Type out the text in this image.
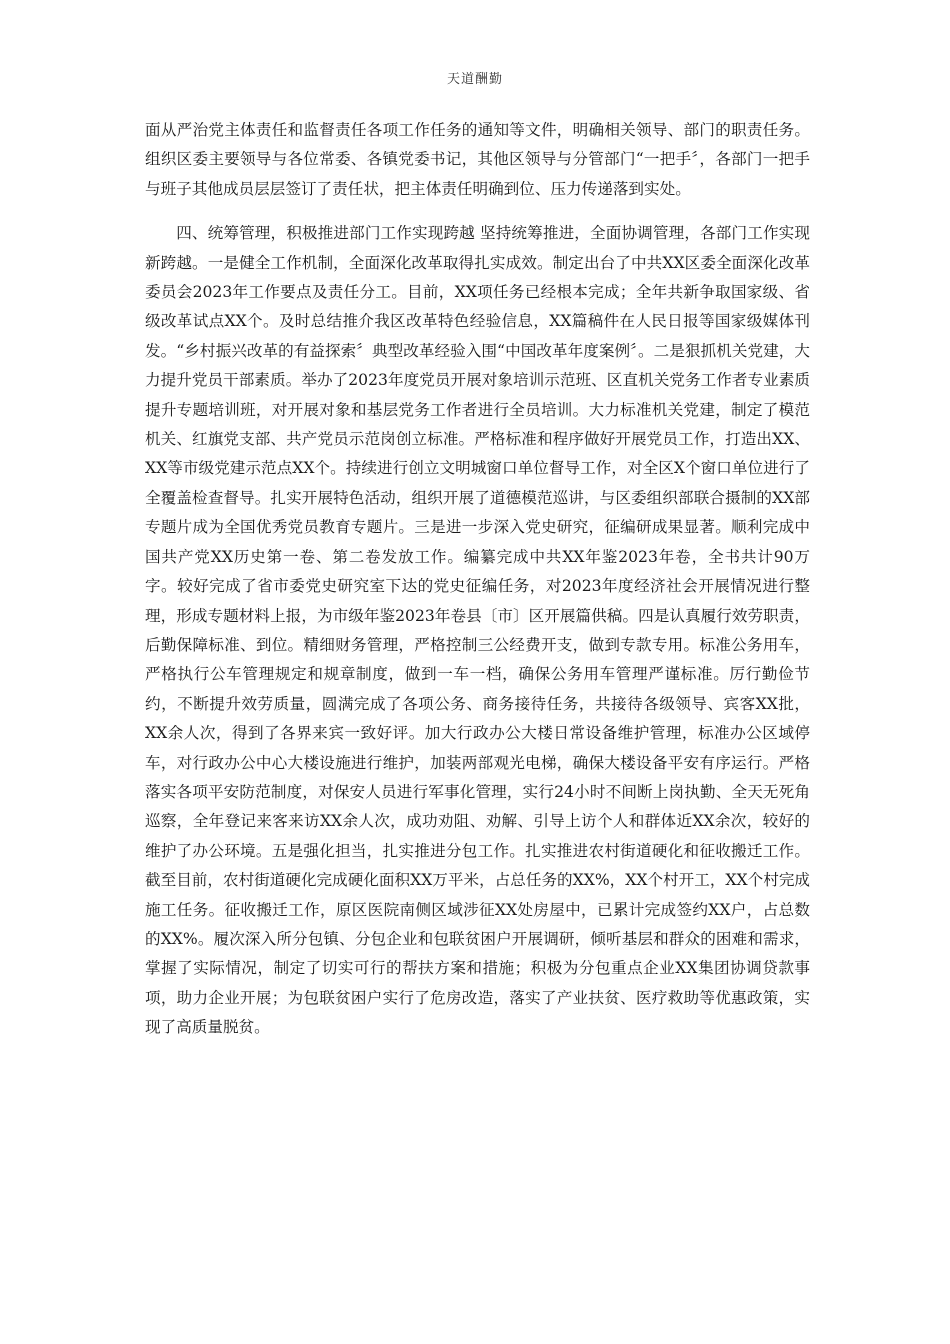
天道酬勤

面从严治党主体责任和监督责任各项工作任务的通知等文件，明确相关领导、部门的职责任务。组织区委主要领导与各位常委、各镇党委书记，其他区领导与分管部门“一把手〞，各部门一把手与班子其他成员层层签订了责任状，把主体责任明确到位、压力传递落到实处。

四、统筹管理，积极推进部门工作实现跨越 坚持统筹推进，全面协调管理，各部门工作实现新跨越。一是健全工作机制，全面深化改革取得扎实成效。制定出台了中共XX区委全面深化改革委员会2023年工作要点及责任分工。目前，XX项任务已经根本完成；全年共新争取国家级、省级改革试点XX个。及时总结推介我区改革特色经验信息，XX篇稿件在人民日报等国家级媒体刊发。“乡村振兴改革的有益探索〞典型改革经验入围“中国改革年度案例〞。二是狠抓机关党建，大力提升党员干部素质。举办了2023年度党员开展对象培训示范班、区直机关党务工作者专业素质提升专题培训班，对开展对象和基层党务工作者进行全员培训。大力标准机关党建，制定了模范机关、红旗党支部、共产党员示范岗创立标准。严格标准和程序做好开展党员工作，打造出XX、XX等市级党建示范点XX个。持续进行创立文明城窗口单位督导工作，对全区X个窗口单位进行了全覆盖检查督导。扎实开展特色活动，组织开展了道德模范巡讲，与区委组织部联合摄制的XX部专题片成为全国优秀党员教育专题片。三是进一步深入党史研究，征编研成果显著。顺利完成中国共产党XX历史第一卷、第二卷发放工作。编纂完成中共XX年鉴2023年卷，全书共计90万字。较好完成了省市委党史研究室下达的党史征编任务，对2023年度经济社会开展情况进行整理，形成专题材料上报，为市级年鉴2023年卷县〔市〕区开展篇供稿。四是认真履行效劳职责，后勤保障标准、到位。精细财务管理，严格控制三公经费开支，做到专款专用。标准公务用车，严格执行公车管理规定和规章制度，做到一车一档，确保公务用车管理严谨标准。厉行勤俭节约，不断提升效劳质量，圆满完成了各项公务、商务接待任务，共接待各级领导、宾客XX批，XX余人次，得到了各界来宾一致好评。加大行政办公大楼日常设备维护管理，标准办公区域停车，对行政办公中心大楼设施进行维护，加装两部观光电梯，确保大楼设备平安有序运行。严格落实各项平安防范制度，对保安人员进行军事化管理，实行24小时不间断上岗执勤、全天无死角巡察，全年登记来客来访XX余人次，成功劝阻、劝解、引导上访个人和群体近XX余次，较好的维护了办公环境。五是强化担当，扎实推进分包工作。扎实推进农村街道硬化和征收搬迁工作。截至目前，农村街道硬化完成硬化面积XX万平米，占总任务的XX%，XX个村开工，XX个村完成施工任务。征收搬迁工作，原区医院南侧区域涉征XX处房屋中，已累计完成签约XX户，占总数的XX%。履次深入所分包镇、分包企业和包联贫困户开展调研，倾听基层和群众的困难和需求，掌握了实际情况，制定了切实可行的帮扶方案和措施；积极为分包重点企业XX集团协调贷款事项，助力企业开展；为包联贫困户实行了危房改造，落实了产业扶贫、医疗救助等优惠政策，实现了高质量脱贫。
